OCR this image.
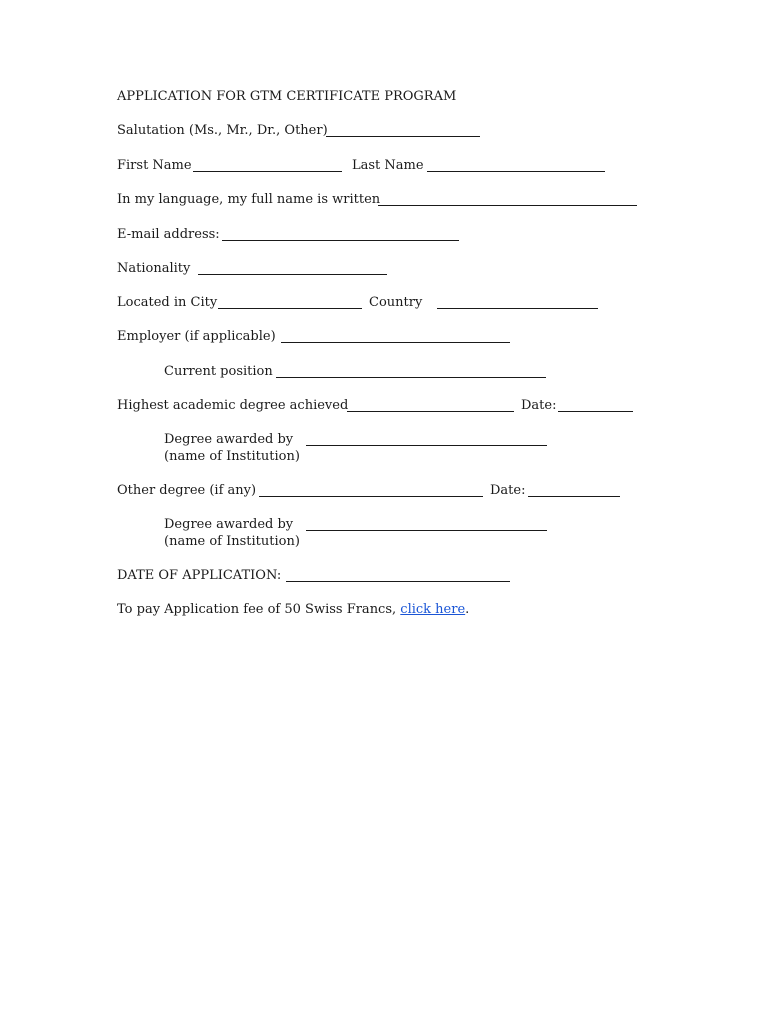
APPLICATION FOR GTM CERTIFICATE PROGRAM
Salutation (Ms., Mr., Dr., Other)
First Name	Last Name
In my language, my full name is written
E-mail address:
Nationality
Located in City	Country
Employer (if applicable)
Current position
Highest academic degree achieved	Date:
Degree awarded by
(name of Institution)
Other degree (if any)	Date:
Degree awarded by
(name of Institution)
DATE OF APPLICATION:
To pay Application fee of 50 Swiss Francs, click here.
